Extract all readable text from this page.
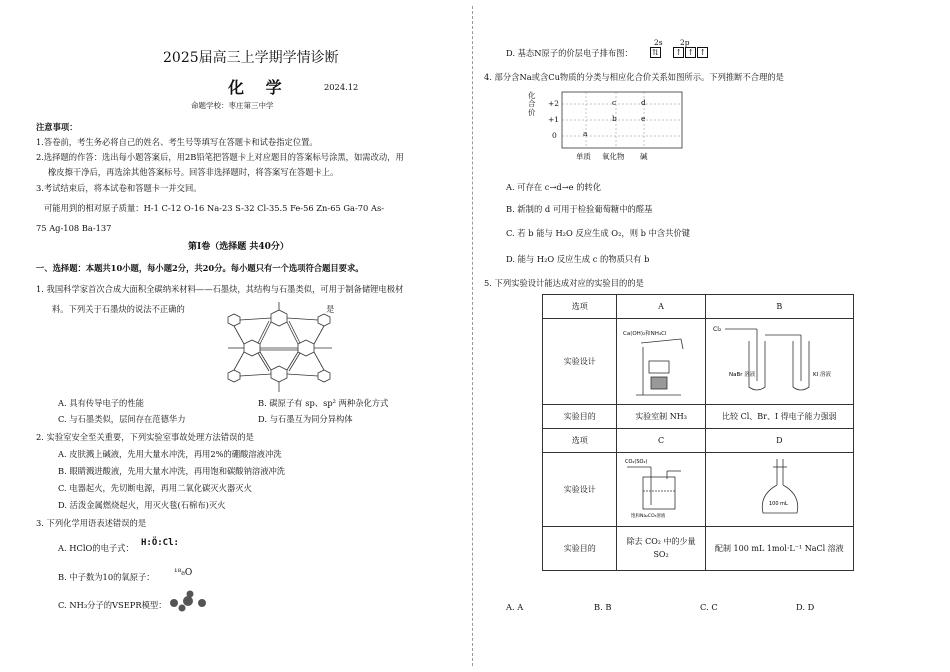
2025届高三上学期学情诊断
化 学	2024.12
命题学校：枣庄第三中学
注意事项：
1.答卷前，考生务必将自己的姓名、考生号等填写在答题卡和试卷指定位置。
2.选择题的作答：选出每小题答案后，用2B铅笔把答题卡上对应题目的答案标号涂黑，如需改动，用
橡皮擦干净后，再选涂其他答案标号。回答非选择题时，将答案写在答题卡上。
3.考试结束后，将本试卷和答题卡一并交回。
可能用到的相对原子质量：H-1 C-12 O-16 Na-23 S-32 Cl-35.5 Fe-56 Zn-65 Ga-70 As-
75 Ag-108 Ba-137
第Ⅰ卷（选择题 共40分）
一、选择题：本题共10小题，每小题2分，共20分。每小题只有一个选项符合题目要求。
1. 我国科学家首次合成大面积全碳纳米材料——石墨炔，其结构与石墨类似，可用于制备储锂电极材
料。下列关于石墨炔的说法不正确的	是
A. 具有传导电子的性能	B. 碳原子有 sp、sp² 两种杂化方式
C. 与石墨类似，层间存在范德华力	D. 与石墨互为同分异构体
2. 实验室安全至关重要，下列实验室事故处理方法错误的是
A. 皮肤溅上碱液，先用大量水冲洗，再用2%的硼酸溶液冲洗
B. 眼睛溅进酸液，先用大量水冲洗，再用饱和碳酸钠溶液冲洗
C. 电器起火，先切断电源，再用二氧化碳灭火器灭火
D. 活泼金属燃烧起火，用灭火毯(石棉布)灭火
3. 下列化学用语表述错误的是
A. HClO的电子式： H:Ö:Cl:
B. 中子数为10的氧原子： ¹⁸₈O
C. NH₃分子的VSEPR模型：
D. 基态N原子的价层电子排布图：
2s 2p
⇅ ↑ ↑ ↑
4. 部分含Na或含Cu物质的分类与相应化合价关系如图所示。下列推断不合理的是
化合价
+2
+1
0	a
b
c	d
e
单质 氧化物 碱
A. 可存在 c→d→e 的转化
B. 新制的 d 可用于检验葡萄糖中的醛基
C. 若 b 能与 H₂O 反应生成 O₂，则 b 中含共价键
D. 能与 H₂O 反应生成 c 的物质只有 b
5. 下列实验设计能达成对应的实验目的的是
选项	A	B
实验设计	Ca(OH)₂和NH₄Cl	Cl₂
NaBr 溶液 KI 溶液

实验目的	实验室制 NH₃	比较 Cl、Br、I 得电子能力强弱
选项	C	D
实验设计	CO₂(SO₂)
饱和Na₂CO₃溶液	100 mL

实验目的	除去 CO₂ 中的少量 SO₂	配制 100 mL 1mol·L⁻¹ NaCl 溶液
A. A	B. B	C. C	D. D
